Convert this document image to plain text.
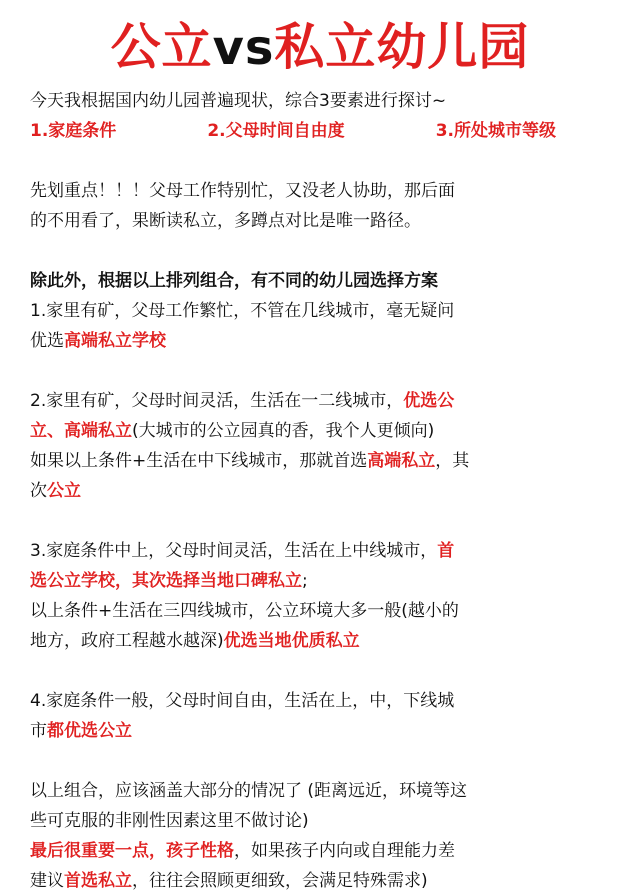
公立vs私立幼儿园
今天我根据国内幼儿园普遍现状，综合3要素进行探讨~
1.家庭条件	2.父母时间自由度	3.所处城市等级
先划重点！！！父母工作特别忙，又没老人协助，那后面
的不用看了，果断读私立，多蹲点对比是唯一路径。
除此外，根据以上排列组合，有不同的幼儿园选择方案
1.家里有矿，父母工作繁忙，不管在几线城市，毫无疑问
优选高端私立学校
2.家里有矿，父母时间灵活，生活在一二线城市，优选公
立、高端私立(大城市的公立园真的香，我个人更倾向)
如果以上条件+生活在中下线城市，那就首选高端私立，其
次公立
3.家庭条件中上，父母时间灵活，生活在上中线城市，首
选公立学校，其次选择当地口碑私立;
以上条件+生活在三四线城市，公立环境大多一般(越小的
地方，政府工程越水越深)优选当地优质私立
4.家庭条件一般，父母时间自由，生活在上，中，下线城
市都优选公立
以上组合，应该涵盖大部分的情况了 (距离远近，环境等这
些可克服的非刚性因素这里不做讨论)
最后很重要一点，孩子性格，如果孩子内向或自理能力差
建议首选私立，往往会照顾更细致，会满足特殊需求)
